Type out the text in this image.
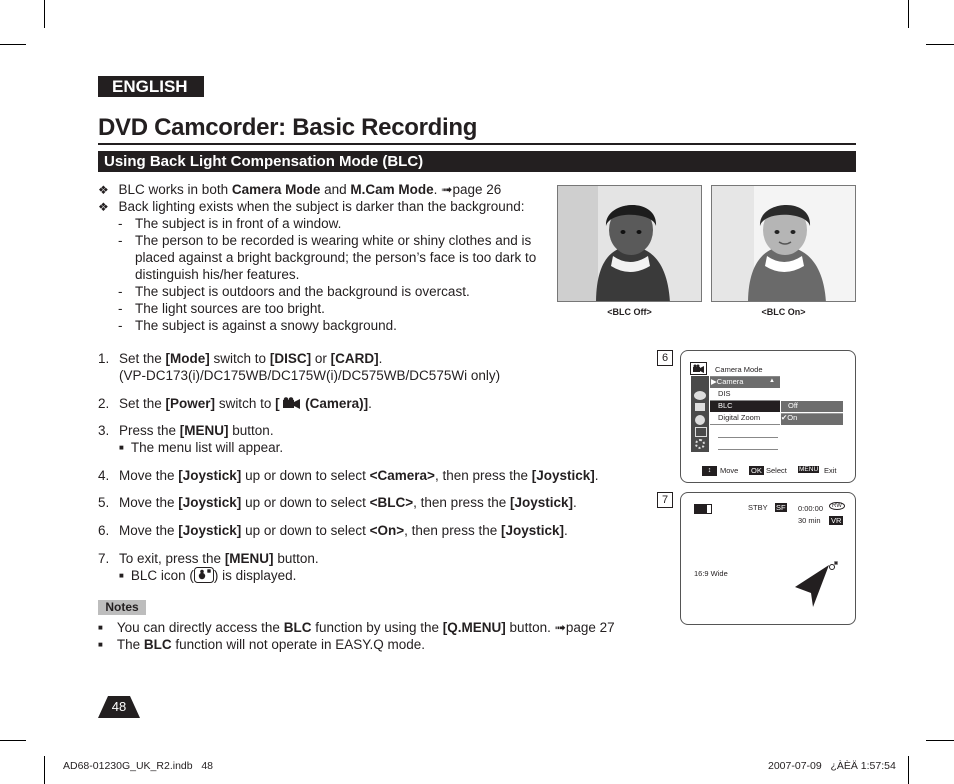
ENGLISH
DVD Camcorder: Basic Recording
Using Back Light Compensation Mode (BLC)
❖ BLC works in both Camera Mode and M.Cam Mode. ➟page 26
❖ Back lighting exists when the subject is darker than the background:
- The subject is in front of a window.
- The person to be recorded is wearing white or shiny clothes and is
placed against a bright background; the person’s face is too dark to
distinguish his/her features.
- The subject is outdoors and the background is overcast.
- The light sources are too bright.
- The subject is against a snowy background.
<BLC Off>	<BLC On>
1. Set the [Mode] switch to [DISC] or [CARD].
(VP-DC173(i)/DC175WB/DC175W(i)/DC575WB/DC575Wi only)
2. Set the [Power] switch to [  (Camera)].
3. Press the [MENU] button.
■ The menu list will appear.
4. Move the [Joystick] up or down to select <Camera>, then press the [Joystick].
5. Move the [Joystick] up or down to select <BLC>, then press the [Joystick].
6. Move the [Joystick] up or down to select <On>, then press the [Joystick].
7. To exit, press the [MENU] button.
■ BLC icon ( ) is displayed.
Notes
■ You can directly access the BLC function by using the [Q.MENU] button. ➟page 27
■ The BLC function will not operate in EASY.Q mode.
6
Camera Mode
▶Camera	▲
DIS
BLC
Digital Zoom
Off
✔On
↕	Move OK Select MENU Exit
7
STBY SF 0:00:00	RW
30 min VR
16:9 Wide
48
AD68-01230G_UK_R2.indb   48	2007-07-09   ¿ÀÈÄ 1:57:54
